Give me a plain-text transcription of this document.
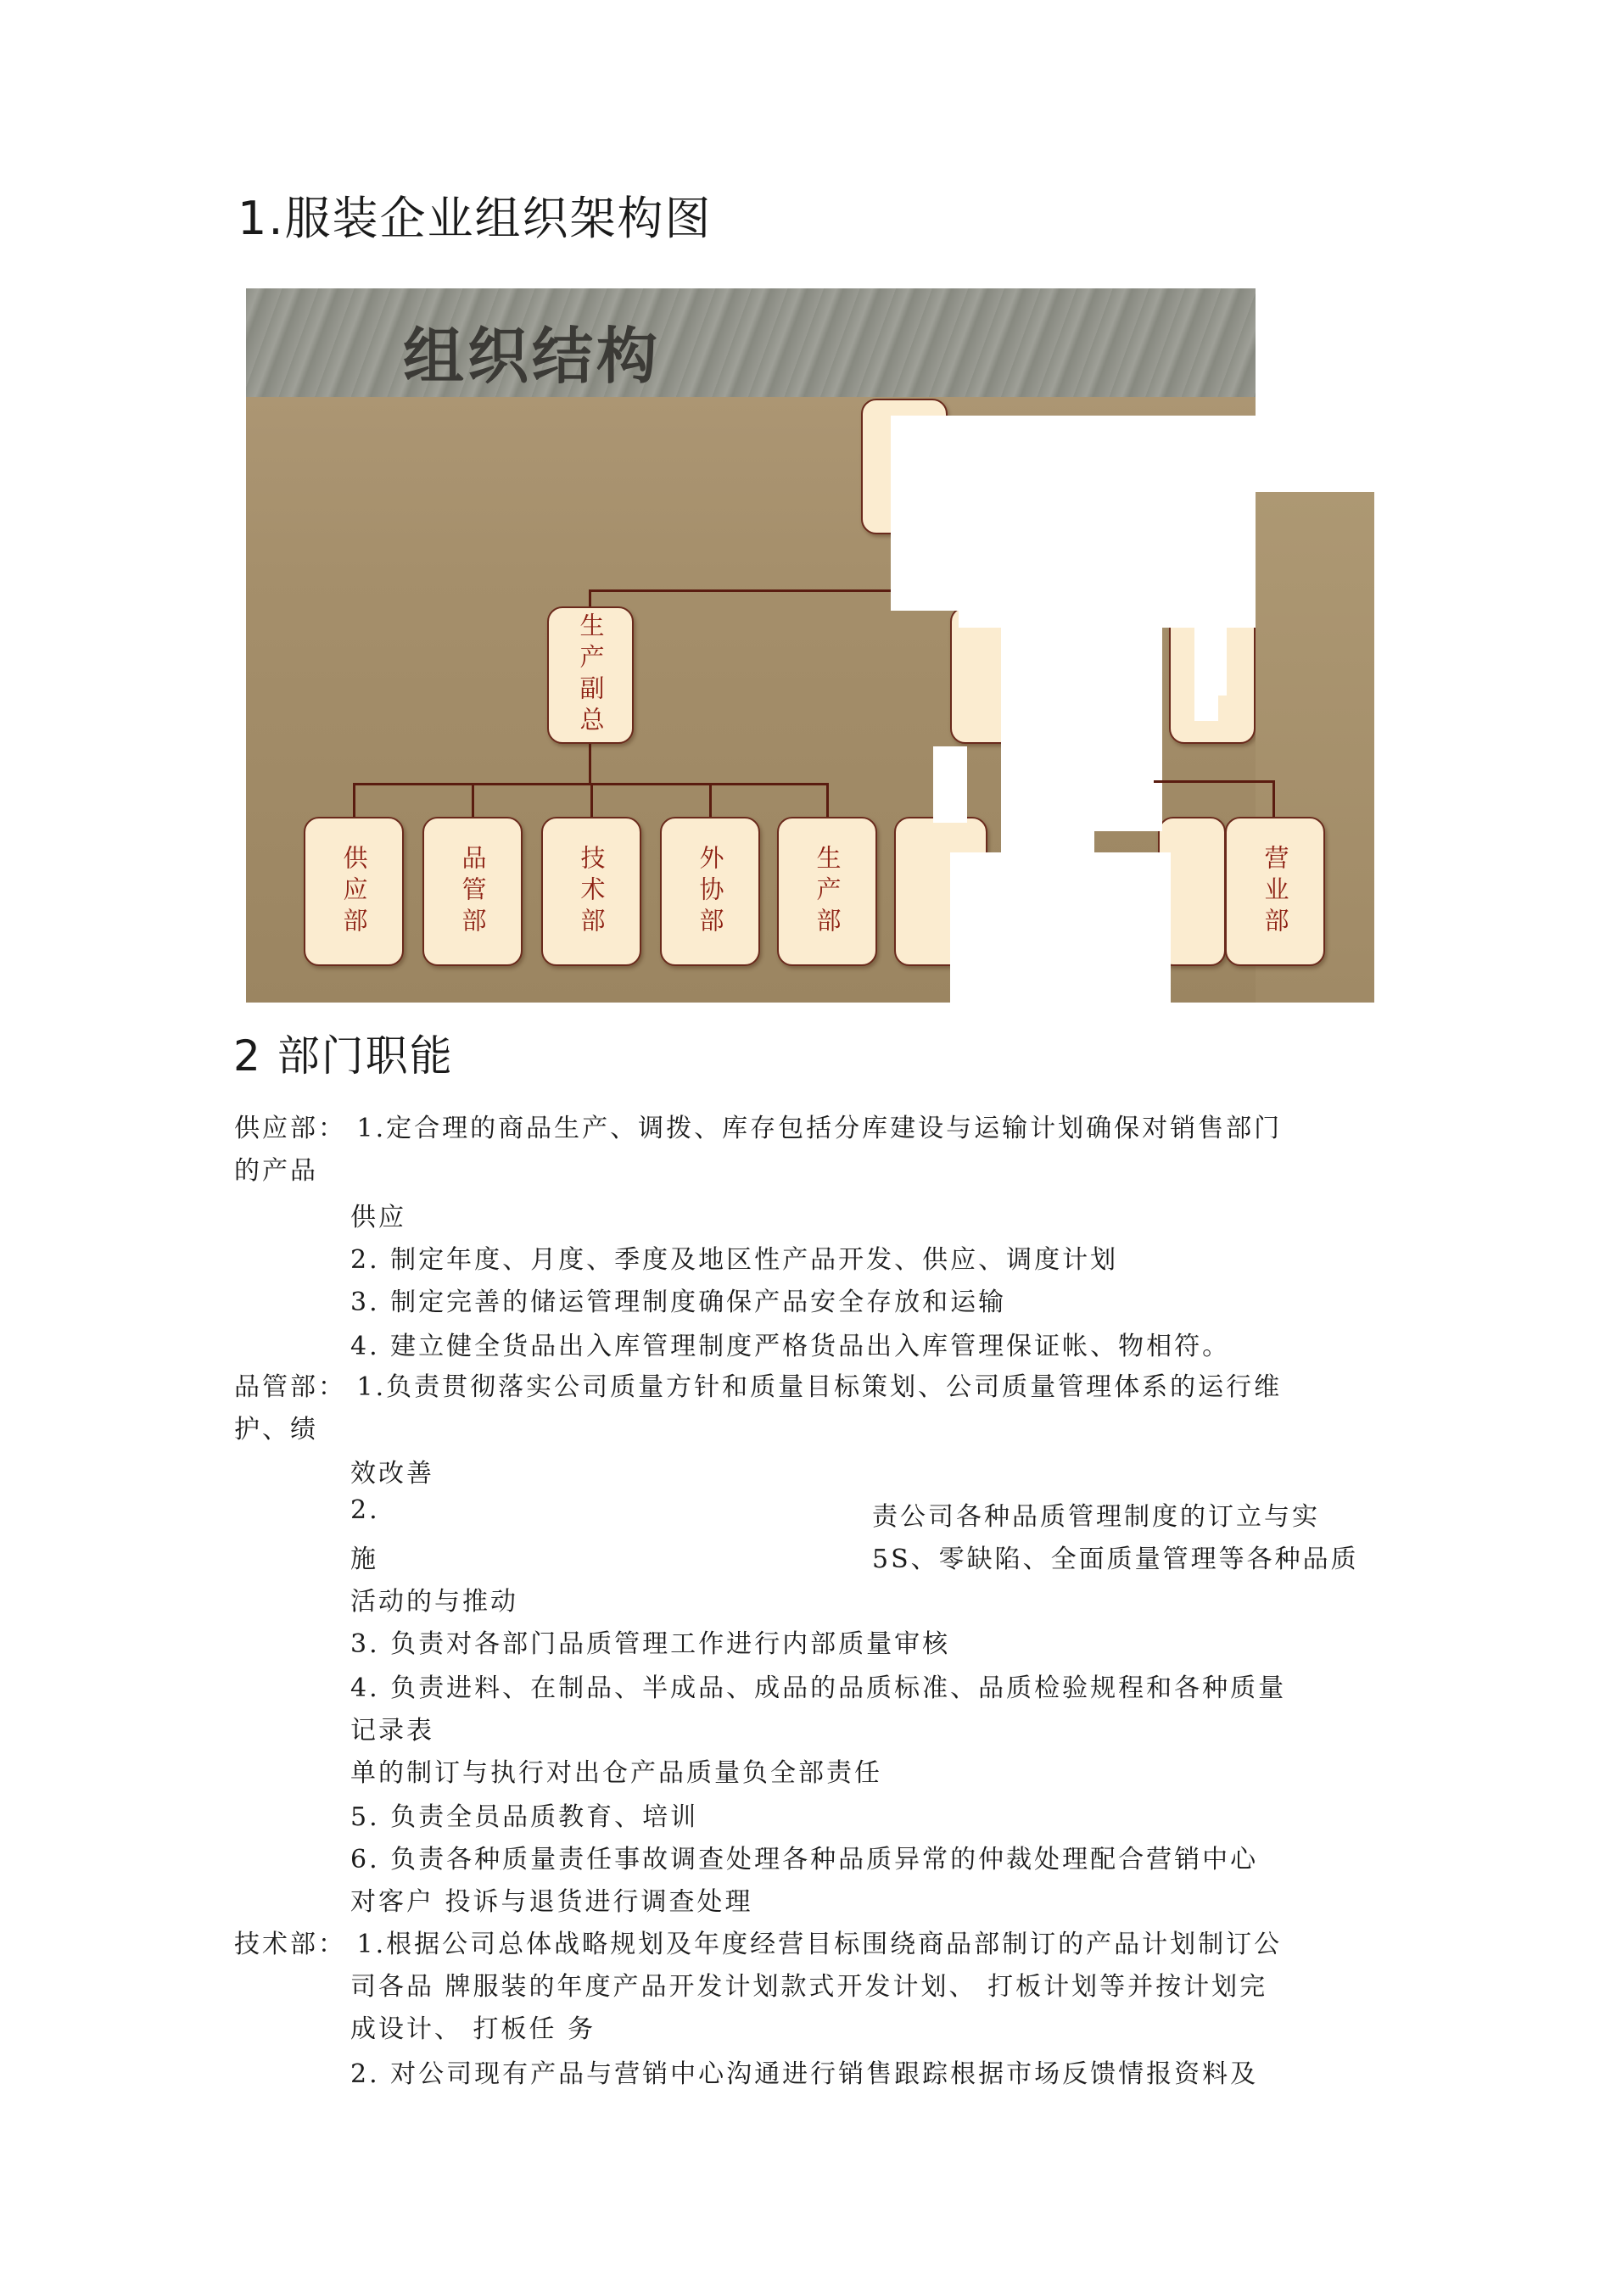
1.服装企业组织架构图
组织结构
生产副总
供应部	品管部	技术部	外协部	生产部	营业部
2 部门职能
供应部： 1.定合理的商品生产、调拨、库存包括分库建设与运输计划确保对销售部门
的产品
供应
2. 制定年度、月度、季度及地区性产品开发、供应、调度计划
3. 制定完善的储运管理制度确保产品安全存放和运输
4. 建立健全货品出入库管理制度严格货品出入库管理保证帐、物相符。
品管部： 1.负责贯彻落实公司质量方针和质量目标策划、公司质量管理体系的运行维
护、绩
效改善
2.	责公司各种品质管理制度的订立与实
施	5S、零缺陷、全面质量管理等各种品质
活动的与推动
3. 负责对各部门品质管理工作进行内部质量审核
4. 负责进料、在制品、半成品、成品的品质标准、品质检验规程和各种质量
记录表
单的制订与执行对出仓产品质量负全部责任
5. 负责全员品质教育、培训
6. 负责各种质量责任事故调查处理各种品质异常的仲裁处理配合营销中心
对客户 投诉与退货进行调查处理
技术部： 1.根据公司总体战略规划及年度经营目标围绕商品部制订的产品计划制订公
司各品 牌服装的年度产品开发计划款式开发计划、 打板计划等并按计划完
成设计、 打板任 务
2. 对公司现有产品与营销中心沟通进行销售跟踪根据市场反馈情报资料及
